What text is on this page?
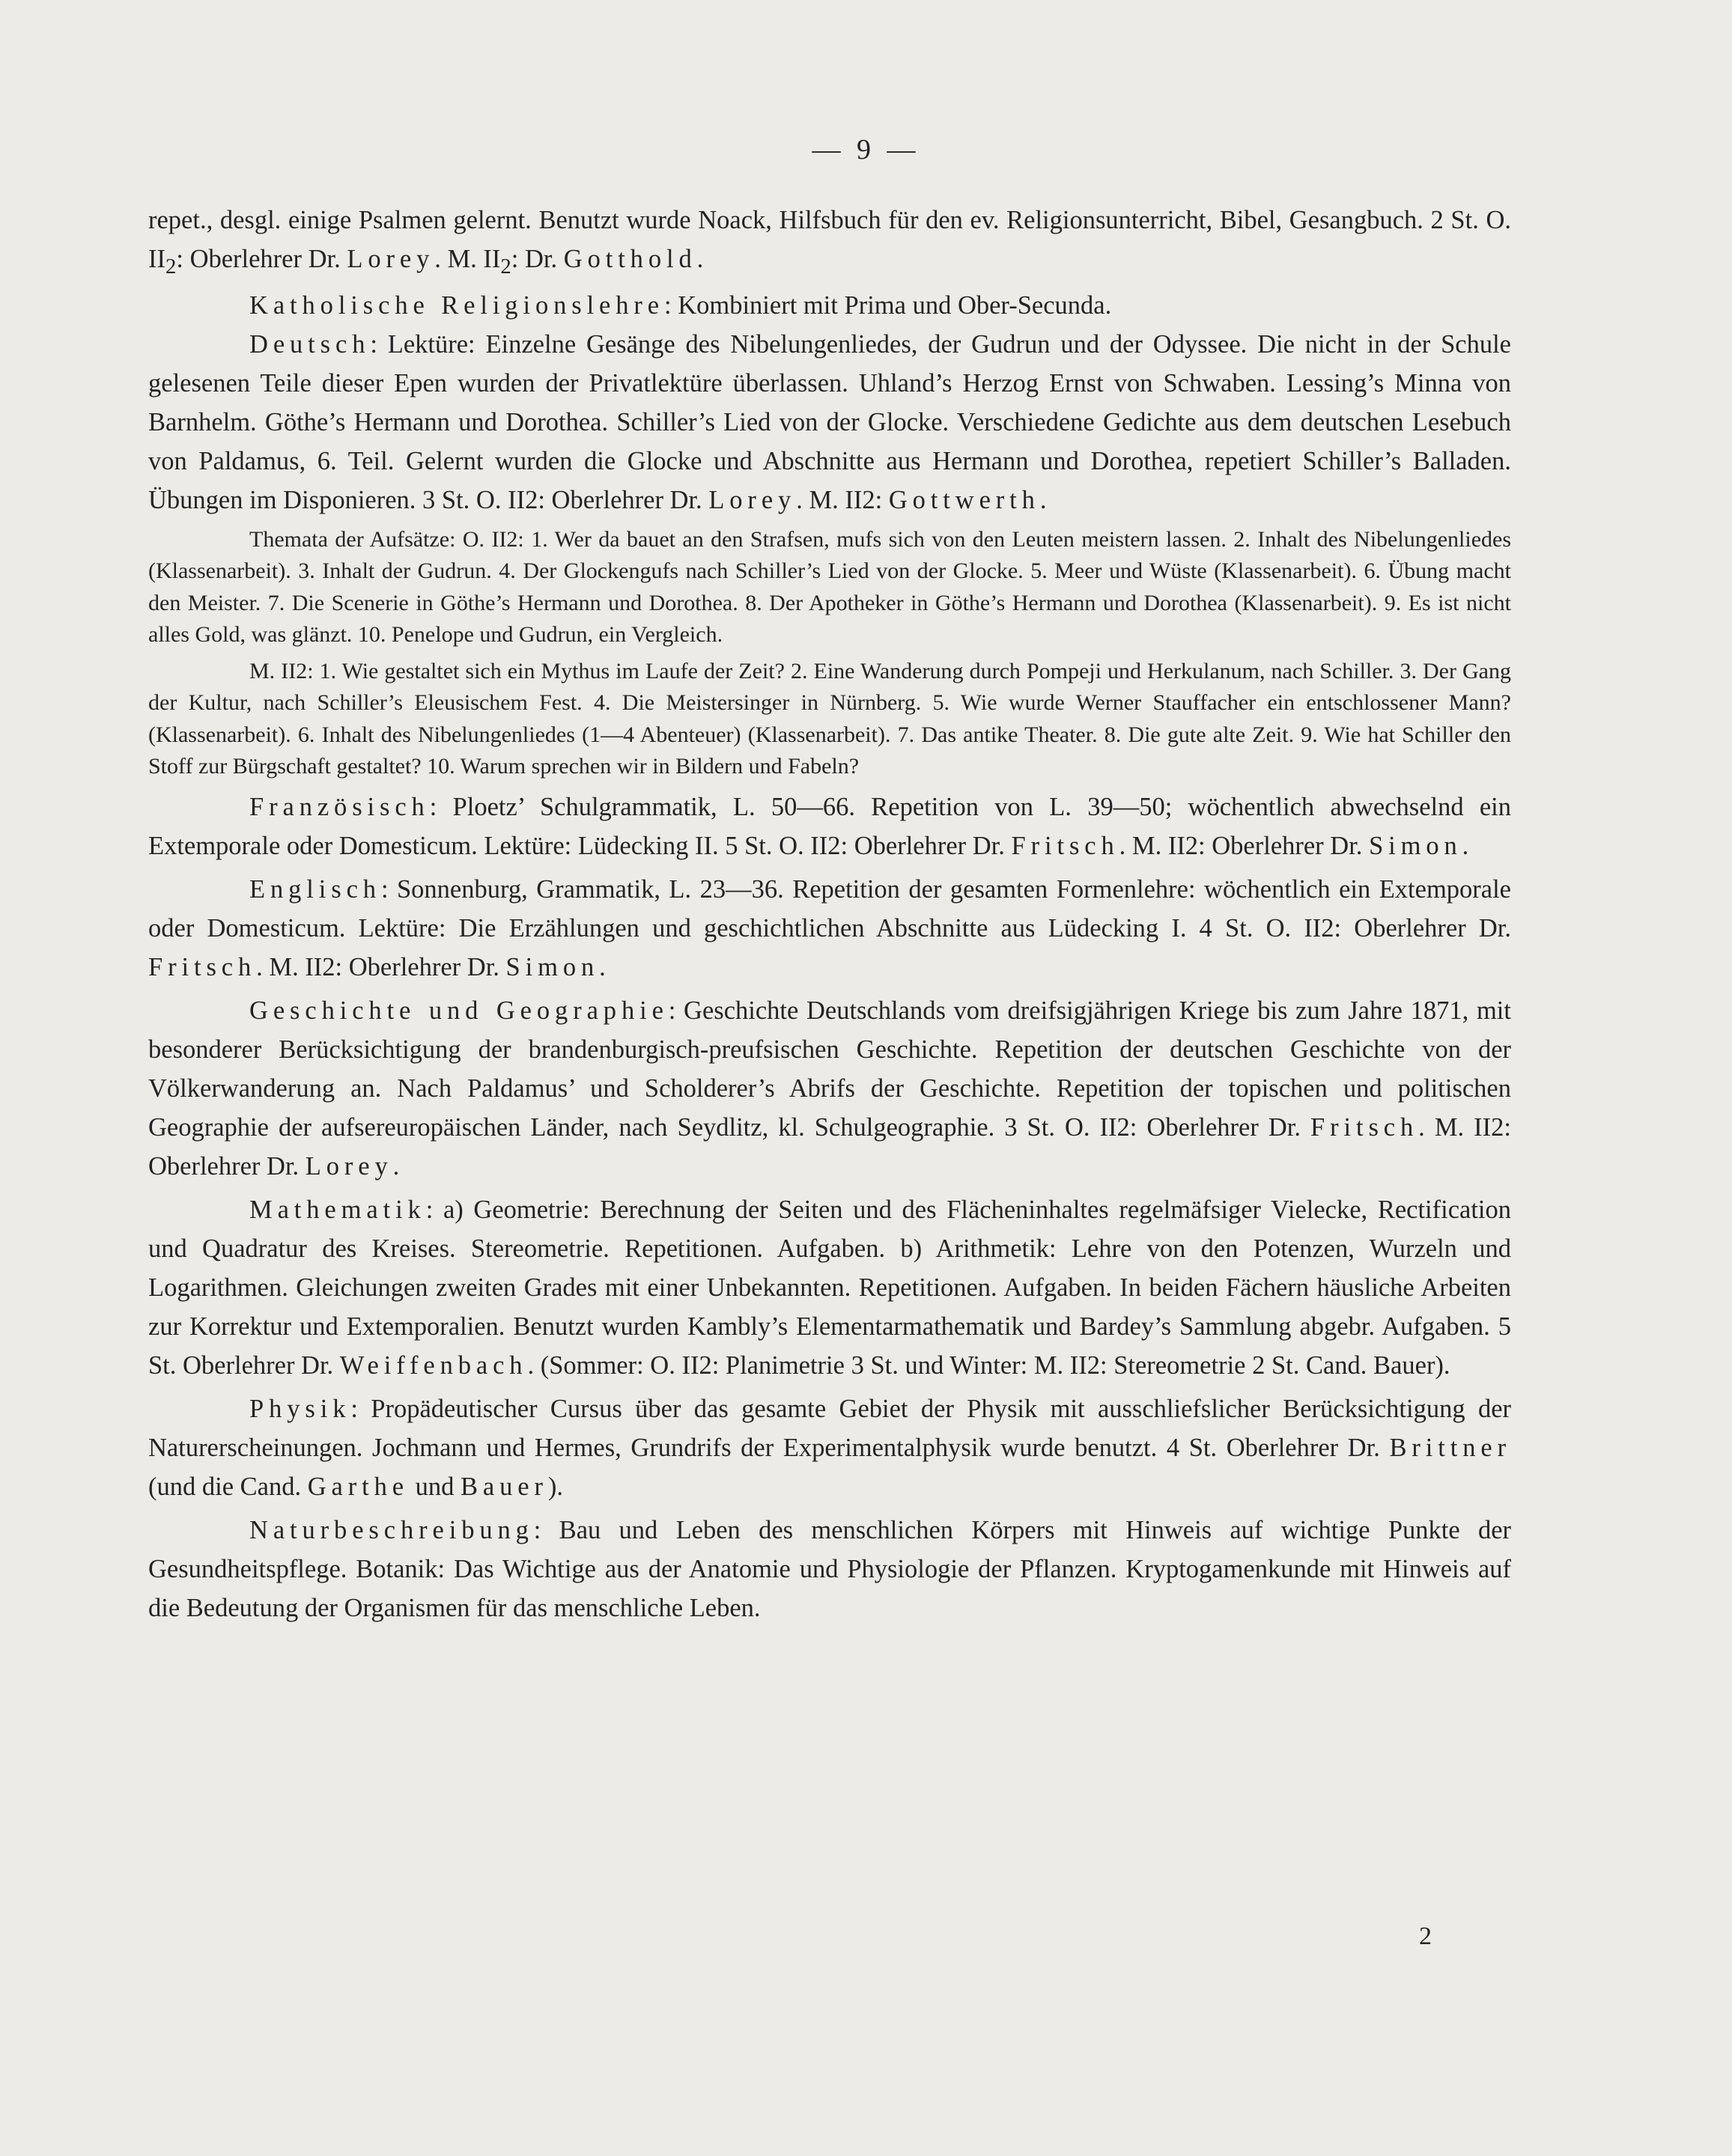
— 9 —

repet., desgl. einige Psalmen gelernt. Benutzt wurde Noack, Hilfsbuch für den ev. Religionsunterricht, Bibel, Gesangbuch. 2 St. O. $II_2$: Oberlehrer Dr. Lorey. M. $II_2$: Dr. Gotthold.

Katholische Religionslehre: Kombiniert mit Prima und Ober-Secunda.

Deutsch: Lektüre: Einzelne Gesänge des Nibelungenliedes, der Gudrun und der Odyssee. Die nicht in der Schule gelesenen Teile dieser Epen wurden der Privatlektüre überlassen. Uhland’s Herzog Ernst von Schwaben. Lessing’s Minna von Barnhelm. Göthe’s Hermann und Dorothea. Schiller’s Lied von der Glocke. Verschiedene Gedichte aus dem deutschen Lesebuch von Paldamus, 6. Teil. Gelernt wurden die Glocke und Abschnitte aus Hermann und Dorothea, repetiert Schiller’s Balladen. Übungen im Disponieren. 3 St. O. II2: Oberlehrer Dr. Lorey. M. II2: Gottwerth.

Themata der Aufsätze: O. II2: 1. Wer da bauet an den Strafsen, mufs sich von den Leuten meistern lassen. 2. Inhalt des Nibelungenliedes (Klassenarbeit). 3. Inhalt der Gudrun. 4. Der Glockengufs nach Schiller’s Lied von der Glocke. 5. Meer und Wüste (Klassenarbeit). 6. Übung macht den Meister. 7. Die Scenerie in Göthe’s Hermann und Dorothea. 8. Der Apotheker in Göthe’s Hermann und Dorothea (Klassenarbeit). 9. Es ist nicht alles Gold, was glänzt. 10. Penelope und Gudrun, ein Vergleich.

M. II2: 1. Wie gestaltet sich ein Mythus im Laufe der Zeit? 2. Eine Wanderung durch Pompeji und Herkulanum, nach Schiller. 3. Der Gang der Kultur, nach Schiller’s Eleusischem Fest. 4. Die Meistersinger in Nürnberg. 5. Wie wurde Werner Stauffacher ein entschlossener Mann? (Klassenarbeit). 6. Inhalt des Nibelungenliedes (1—4 Abenteuer) (Klassenarbeit). 7. Das antike Theater. 8. Die gute alte Zeit. 9. Wie hat Schiller den Stoff zur Bürgschaft gestaltet? 10. Warum sprechen wir in Bildern und Fabeln?

Französisch: Ploetz’ Schulgrammatik, L. 50—66. Repetition von L. 39—50; wöchentlich abwechselnd ein Extemporale oder Domesticum. Lektüre: Lüdecking II. 5 St. O. II2: Oberlehrer Dr. Fritsch. M. II2: Oberlehrer Dr. Simon.

Englisch: Sonnenburg, Grammatik, L. 23—36. Repetition der gesamten Formenlehre: wöchentlich ein Extemporale oder Domesticum. Lektüre: Die Erzählungen und geschichtlichen Abschnitte aus Lüdecking I. 4 St. O. II2: Oberlehrer Dr. Fritsch. M. II2: Oberlehrer Dr. Simon.

Geschichte und Geographie: Geschichte Deutschlands vom dreifsigjährigen Kriege bis zum Jahre 1871, mit besonderer Berücksichtigung der brandenburgisch-preufsischen Geschichte. Repetition der deutschen Geschichte von der Völkerwanderung an. Nach Paldamus’ und Scholderer’s Abrifs der Geschichte. Repetition der topischen und politischen Geographie der aufsereuropäischen Länder, nach Seydlitz, kl. Schulgeographie. 3 St. O. II2: Oberlehrer Dr. Fritsch. M. II2: Oberlehrer Dr. Lorey.

Mathematik: a) Geometrie: Berechnung der Seiten und des Flächeninhaltes regelmäfsiger Vielecke, Rectification und Quadratur des Kreises. Stereometrie. Repetitionen. Aufgaben. b) Arithmetik: Lehre von den Potenzen, Wurzeln und Logarithmen. Gleichungen zweiten Grades mit einer Unbekannten. Repetitionen. Aufgaben. In beiden Fächern häusliche Arbeiten zur Korrektur und Extemporalien. Benutzt wurden Kambly’s Elementarmathematik und Bardey’s Sammlung abgebr. Aufgaben. 5 St. Oberlehrer Dr. Weiffenbach. (Sommer: O. II2: Planimetrie 3 St. und Winter: M. II2: Stereometrie 2 St. Cand. Bauer).

Physik: Propädeutischer Cursus über das gesamte Gebiet der Physik mit ausschliefslicher Berücksichtigung der Naturerscheinungen. Jochmann und Hermes, Grundrifs der Experimentalphysik wurde benutzt. 4 St. Oberlehrer Dr. Brittner (und die Cand. Garthe und Bauer).

Naturbeschreibung: Bau und Leben des menschlichen Körpers mit Hinweis auf wichtige Punkte der Gesundheitspflege. Botanik: Das Wichtige aus der Anatomie und Physiologie der Pflanzen. Kryptogamenkunde mit Hinweis auf die Bedeutung der Organismen für das menschliche Leben.

2
